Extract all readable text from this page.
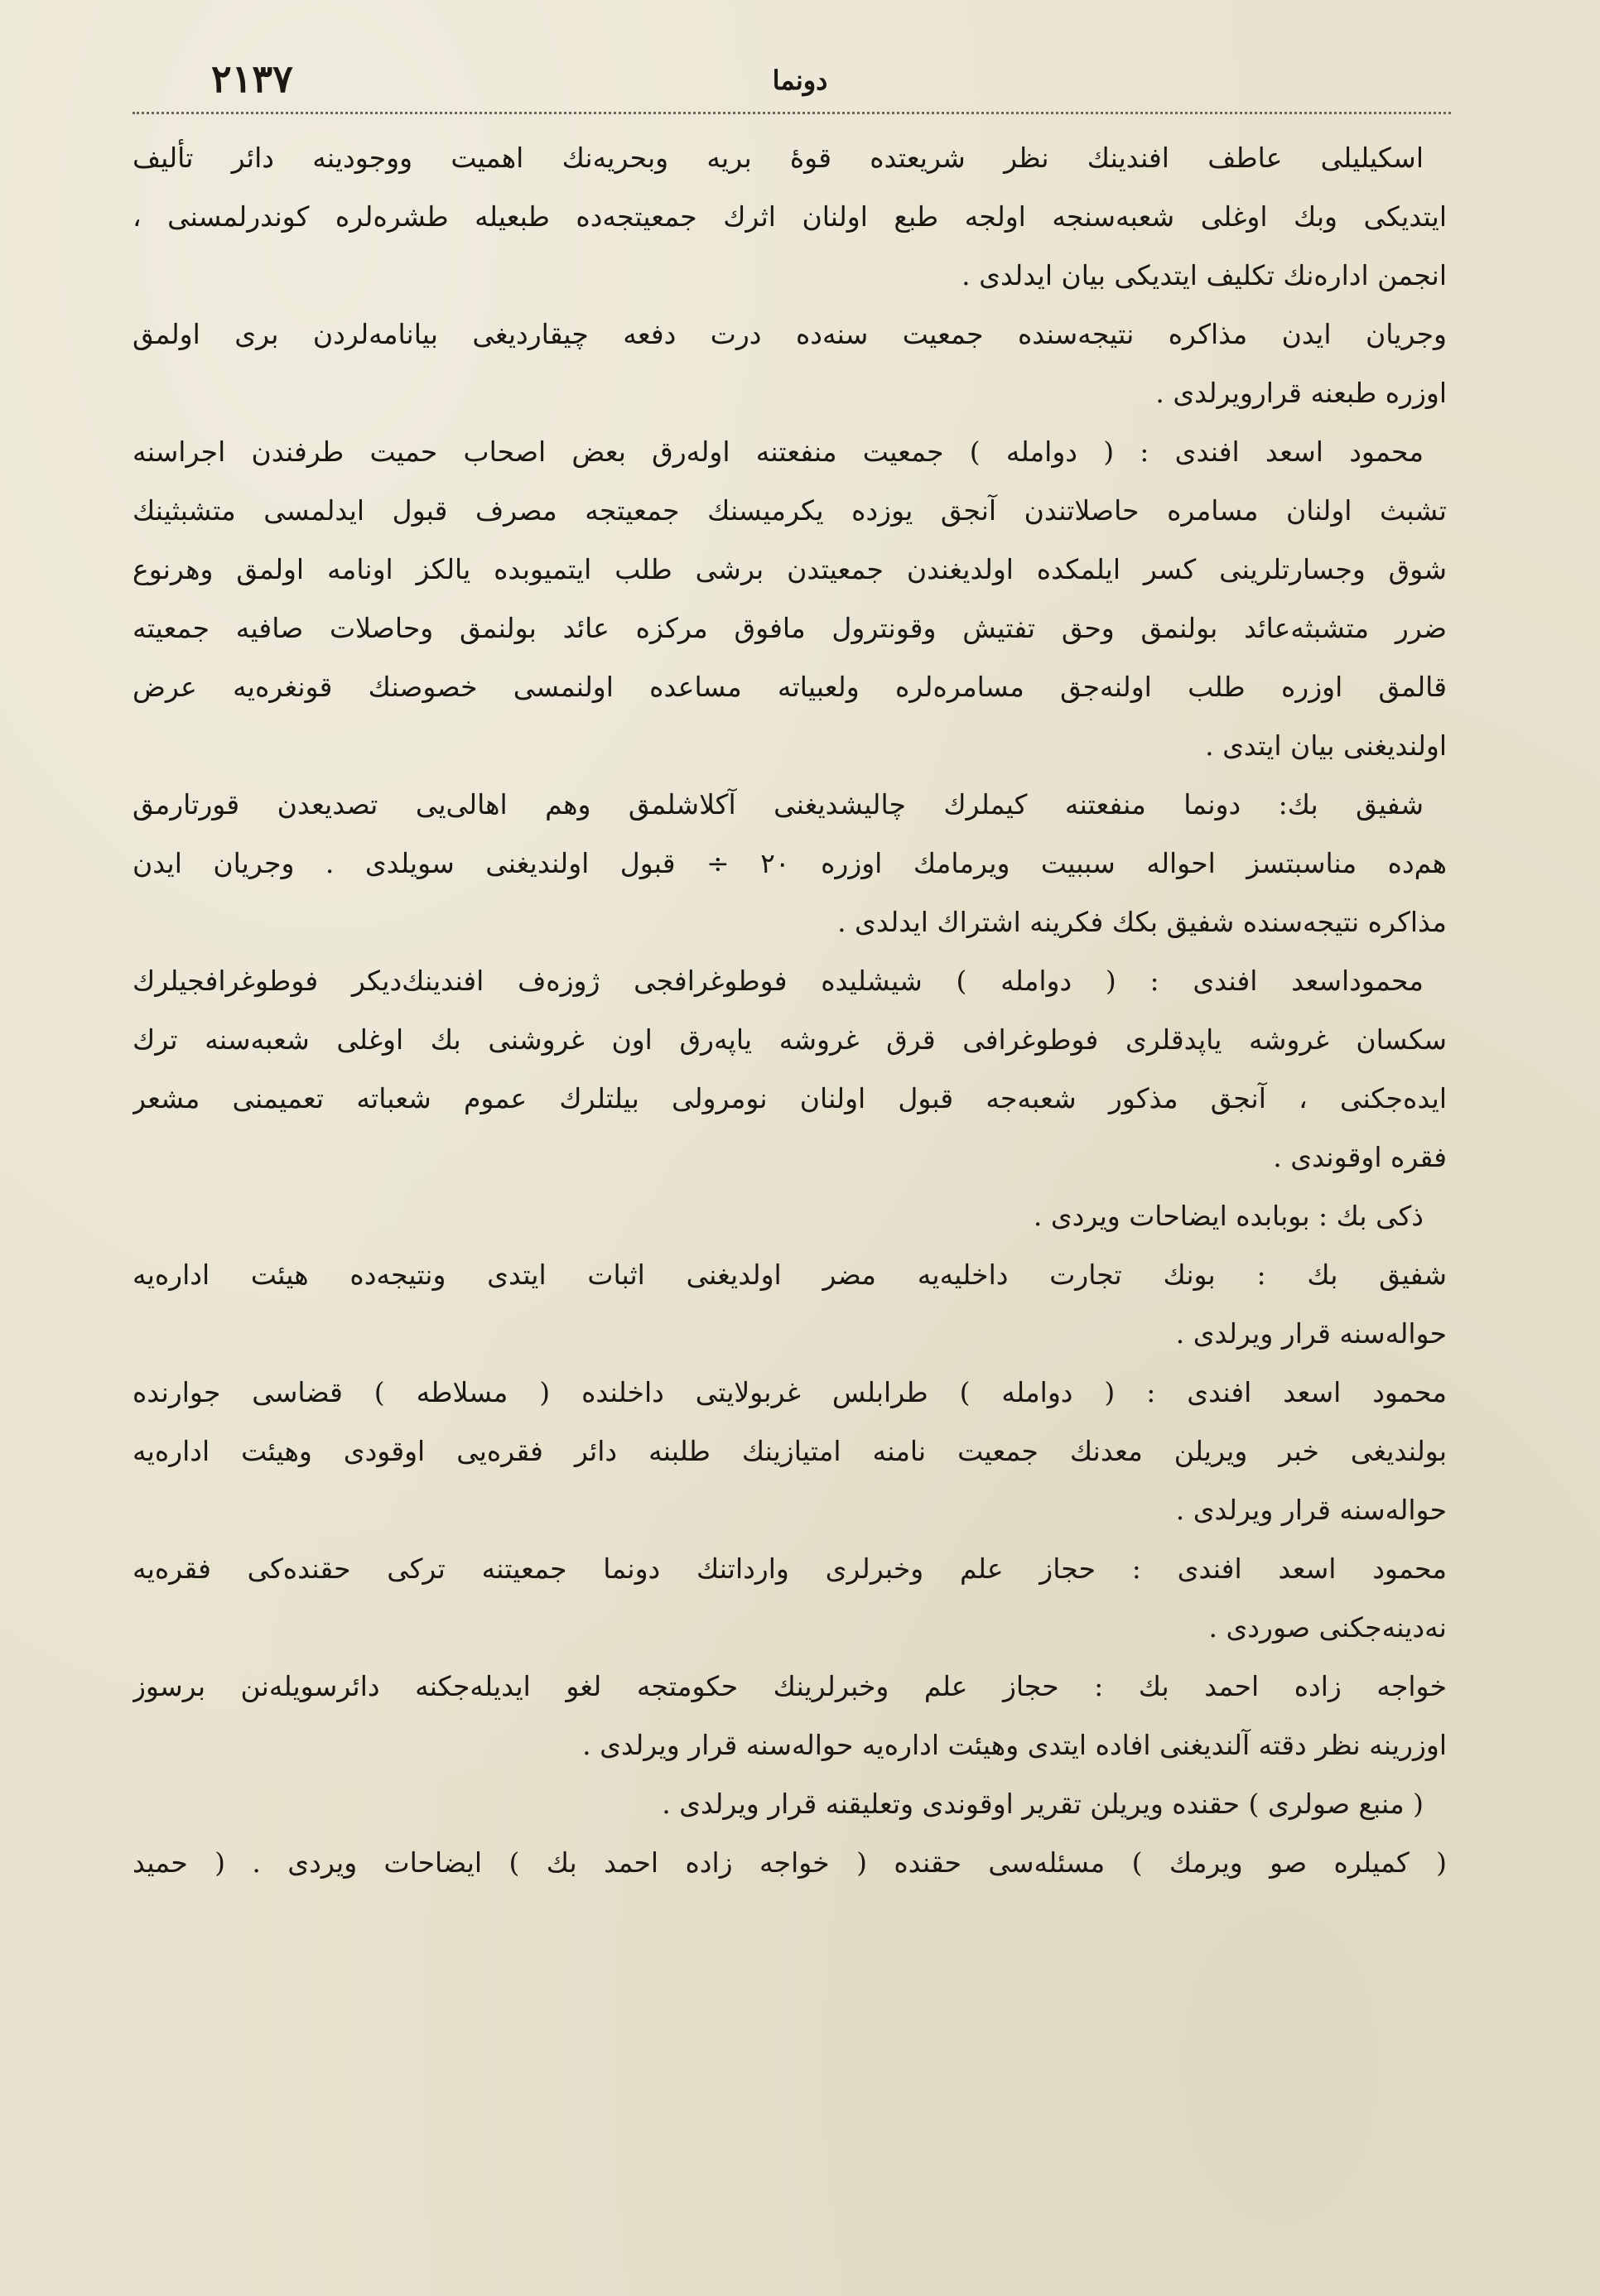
٢١٣٧	دونما
اسکیلیلی عاطف افندینك نظر شریعتده قوهٔ بریه وبحریه‌نك اهمیت ووجودینه دائر تألیف
ایتدیکی وبك اوغلی شعبه‌سنجه اولجه طبع اولنان اثرك جمعیتجه‌ده طبعیله طشره‌لره کوندرلمسنی ،
انجمن اداره‌نك تکلیف ایتدیکی بیان ایدلدی .
وجریان ایدن مذاکره نتیجه‌سنده جمعیت سنه‌ده درت دفعه چیقاردیغی بیانامه‌لردن بری اولمق
اوزره طبعنه قرارویرلدی .
محمود اسعد افندی : ( دوامله ) جمعیت منفعتنه اوله‌رق بعض اصحاب حمیت طرفندن اجراسنه
تشبث اولنان مسامره حاصلاتندن آنجق یوزده یکرمیسنك جمعیتجه مصرف قبول ایدلمسی متشبثینك
شوق وجسارتلرینی کسر ایلمکده اولدیغندن جمعیتدن برشی طلب ایتمیوبده یالکز اونامه اولمق وهرنوع
ضرر متشبثه‌عائد بولنمق وحق تفتیش وقونترول مافوق مرکزه عائد بولنمق وحاصلات صافیه جمعیته
قالمق اوزره طلب اولنه‌جق مسامره‌لره ولعبیاته مساعده اولنمسی خصوصنك قونغره‌یه عرض
اولندیغنی بیان ایتدی .
شفیق بك: دونما منفعتنه کیملرك چالیشدیغنی آکلاشلمق وهم اهالی‌یی تصدیعدن قورتارمق
هم‌ده مناسبتسز احواله سببیت ویرمامك اوزره ٢٠ ÷ قبول اولندیغنی سویلدی . وجریان ایدن
مذاکره نتیجه‌سنده شفیق بکك فکرینه اشتراك ایدلدی .
محموداسعد افندی : ( دوامله ) شیشلیده فوطوغرافجی ژوزه‌ف افندینك‌دیکر فوطوغرافجیلرك
سکسان غروشه یاپدقلری فوطوغرافی قرق غروشه یاپه‌رق اون غروشنی بك اوغلی شعبه‌سنه ترك
ایده‌جکنی ، آنجق مذکور شعبه‌جه قبول اولنان نومرولی بیلتلرك عموم شعباته تعمیمنی مشعر
فقره اوقوندی .
ذکی بك : بوبابده ایضاحات ویردی .
شفیق بك : بونك تجارت داخلیه‌یه مضر اولدیغنی اثبات ایتدی ونتیجه‌ده هیئت اداره‌یه
حواله‌سنه قرار ویرلدی .
محمود اسعد افندی : ( دوامله ) طرابلس غربولایتی داخلنده ( مسلاطه ) قضاسی جوارنده
بولندیغی خبر ویریلن معدنك جمعیت نامنه امتیازینك طلبنه دائر فقره‌یی اوقودی وهیئت اداره‌یه
حواله‌سنه قرار ویرلدی .
محمود اسعد افندی : حجاز علم وخبرلری وارداتنك دونما جمعیتنه ترکی حقنده‌کی فقره‌یه
نه‌دینه‌جکنی صوردی .
خواجه زاده احمد بك : حجاز علم وخبرلرینك حکومتجه لغو ایدیله‌جکنه دائرسویله‌نن برسوز
اوزرینه نظر دقته آلندیغنی افاده ایتدی وهیئت اداره‌یه حواله‌سنه قرار ویرلدی .
( منبع صولری ) حقنده ویریلن تقریر اوقوندی وتعلیقنه قرار ویرلدی .
( کمیلره صو ویرمك ) مسئله‌سی حقنده ( خواجه زاده احمد بك ) ایضاحات ویردی . ( حمید
